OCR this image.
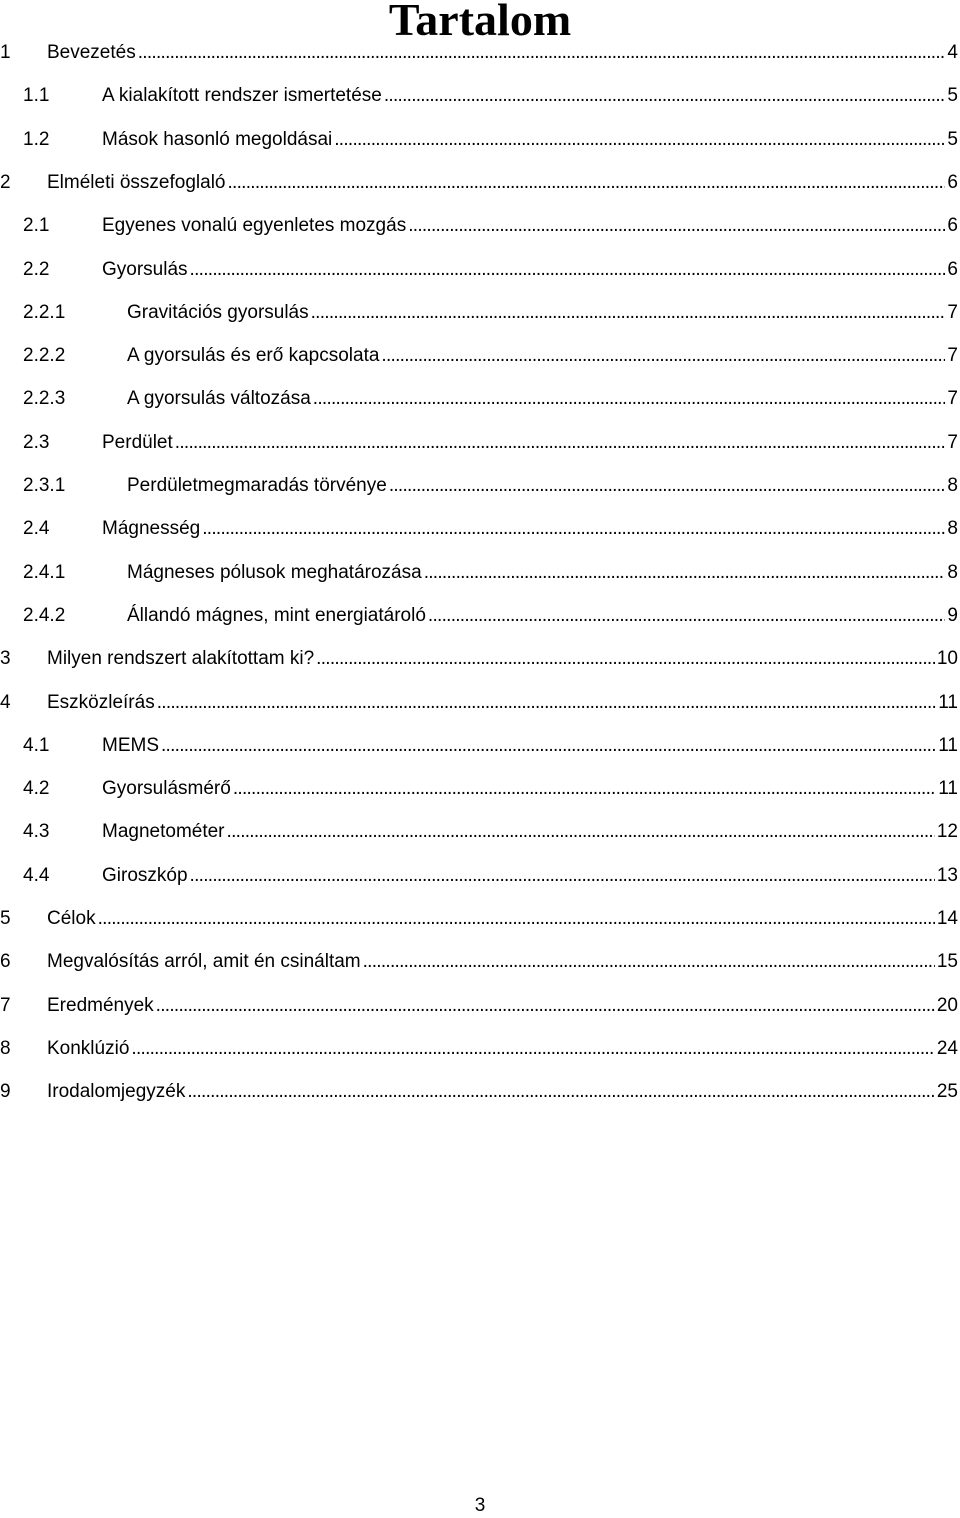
Tartalom
1	Bevezetés . . .	4
1.1	A kialakított rendszer ismertetése . . .	5
1.2	Mások hasonló megoldásai . . .	5
2	Elméleti összefoglaló . . .	6
2.1	Egyenes vonalú egyenletes mozgás . . .	6
2.2	Gyorsulás . . .	6
2.2.1	Gravitációs gyorsulás . . .	7
2.2.2	A gyorsulás és erő kapcsolata . . .	7
2.2.3	A gyorsulás változása . . .	7
2.3	Perdület . . .	7
2.3.1	Perdületmegmaradás törvénye . . .	8
2.4	Mágnesség . . .	8
2.4.1	Mágneses pólusok meghatározása . . .	8
2.4.2	Állandó mágnes, mint energiatároló . . .	9
3	Milyen rendszert alakítottam ki? . . .	10
4	Eszközleírás . . .	11
4.1	MEMS . . .	11
4.2	Gyorsulásmérő . . .	11
4.3	Magnetométer . . .	12
4.4	Giroszkóp . . .	13
5	Célok . . .	14
6	Megvalósítás arról, amit én csináltam . . .	15
7	Eredmények . . .	20
8	Konklúzió . . .	24
9	Irodalomjegyzék . . .	25
3
